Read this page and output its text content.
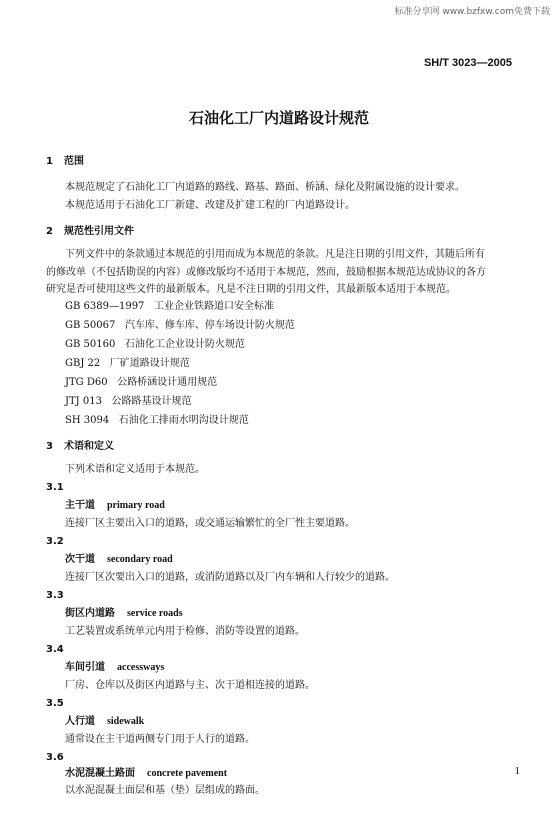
标准分享网 www.bzfxw.com免费下载
SH/T 3023—2005
石油化工厂内道路设计规范
1 范围
本规范规定了石油化工厂内道路的路线、路基、路面、桥涵、绿化及附属设施的设计要求。
本规范适用于石油化工厂新建、改建及扩建工程的厂内道路设计。
2 规范性引用文件
下列文件中的条款通过本规范的引用而成为本规范的条款。凡是注日期的引用文件，其随后所有
的修改单（不包括勘误的内容）或修改版均不适用于本规范，然而，鼓励根据本规范达成协议的各方
研究是否可使用这些文件的最新版本。凡是不注日期的引用文件，其最新版本适用于本规范。
GB 6389—1997 工业企业铁路道口安全标准
GB 50067 汽车库、修车库、停车场设计防火规范
GB 50160 石油化工企业设计防火规范
GBJ 22 厂矿道路设计规范
JTG D60 公路桥涵设计通用规范
JTJ 013 公路路基设计规范
SH 3094 石油化工排雨水明沟设计规范
3 术语和定义
下列术语和定义适用于本规范。
3.1
主干道 primary road
连接厂区主要出入口的道路，或交通运输繁忙的全厂性主要道路。
3.2
次干道 secondary road
连接厂区次要出入口的道路，或消防道路以及厂内车辆和人行较少的道路。
3.3
街区内道路 service roads
工艺装置或系统单元内用于检修、消防等设置的道路。
3.4
车间引道 accessways
厂房、仓库以及街区内道路与主、次干道相连接的道路。
3.5
人行道 sidewalk
通常设在主干道两侧专门用于人行的道路。
3.6
水泥混凝土路面 concrete pavement
以水泥混凝土面层和基（垫）层组成的路面。
1
